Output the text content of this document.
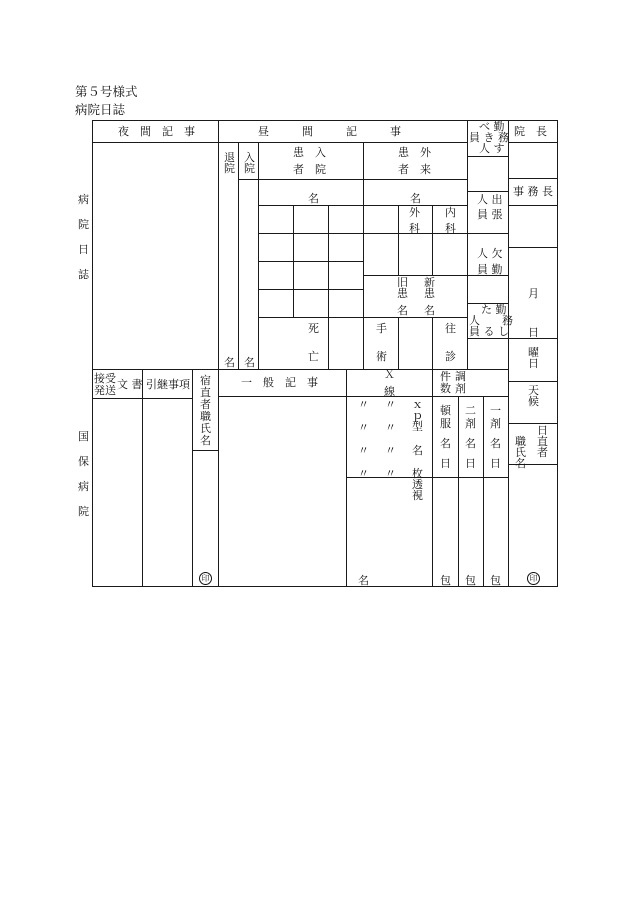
第５号様式
病院日誌
病
院
日
誌
国
保
病
院
夜　間　記　事
接受
発送 文 書 引継事項 宿
直
者
職
氏
名
印
昼　　　間　　　記　　　事
退
院
入
院
名 名
患　入
者　院
名
患　外
者　来
名
外
科
内
科
旧
患
新
患
名 名
死
亡
手
術
往
診
一　般　記　事
Ｘ
線
調
剤
件
数
〃 〃
〃 〃
〃 〃
〃 〃
ｘ
ｐ
型
名
枚
透
視
名
頓
服
名
日
二
剤
名
日
一
剤
名
日
包 包 包
べ 勤
員 き 務
人 す
人 出
員 張
人 欠
員 勤
た 勤
人　　務
員 る し
院　長
事 務 長
月
日
曜
日
天
候
日
職　直
氏　者
名
印
